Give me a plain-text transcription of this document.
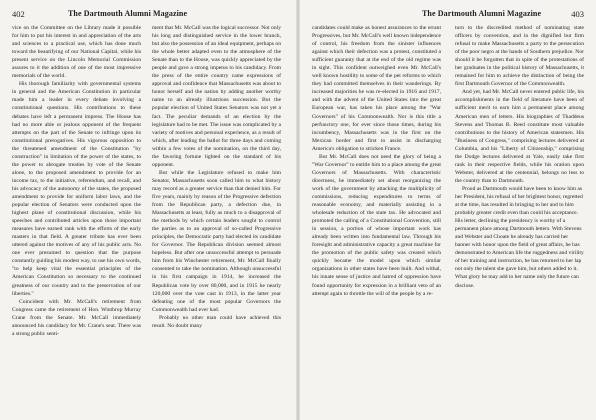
402	The Dartmouth Alumni Magazine

vice on the Committee on the Library made it possible for him to put his interest in and appreciation of the arts and sciences to a practical use, which has done much toward the beautifying of our National Capital, while his present service on the Lincoln Memorial Commission assures to it the addition of one of the most impressive memorials of the world.

His thorough familiarity with governmental systems in general and the American Constitution in particular made him a leader in every debate involving a constitutional questions. His contributions to these debates have left a permanent impress. The House has had no more able or jealous opponent of the frequent attempts on the part of the Senate to infringe upon its constitutional prerogatives. His vigorous opposition to the threatened amendment of the Constitution "by construction" in limitation of the power of the states, to the power to abrogate treaties by vote of the Senate alone, to the proposed amendment to provide for an income tax, to the initiative, referendum, and recall, and his advocacy of the autonomy of the states, the proposed amendment to provide for uniform labor laws, and the popular election of Senators were conducted upon the highest plane of constitutional discussion, while his speeches and contributed articles upon those important measures have earned rank with the efforts of the early masters in that field. A greater tribute has ever been uttered against the motives of any of his public acts. No one ever presumed to question that the purpose constantly guiding his modest way, to use his own words, "to help keep vital the essential principles of the American Constitution so necessary to the continued greatness of our country and to the preservation of our liberties."

Coincident with Mr. McCall's retirement from Congress came the retirement of Hon. Winthrop Murray Crane from the Senate. Mr. McCall immediately announced his candidacy for Mr. Crane's seat. There was a strong public senti-

ment that Mr. McCall was the logical successor. Not only his long and distinguished service in the lower branch, but also the possession of an ideal equipment, perhaps on the whole better adapted even to the atmosphere of the Senate than to the House, was quickly appreciated by the people and gave a strong impetus to his candidacy. From the press of the entire country came expressions of approval and confidence that Massachusetts was about to honor herself and the nation by adding another worthy name to an already illustrious succession. But the popular election of United States Senators was not yet a fact. The peculiar demands of an election by the legislature had to be met. The issue was complicated by a variety of motives and personal experience, as a result of which, after leading the ballot for three days and coming within a few votes of the nomination, on the third day, the favoring fortune lighted on the standard of his opponent.

But while the Legislature refused to make him Senator, Massachusetts soon called him to what history may record as a greater service than that denied him. For five years, mainly by reason of the Progressive defection from the Republican party, a defection due, in Massachusetts at least, fully as much to a disapproval of the methods by which certain leaders sought to control the parties as to an approval of so-called Progressive principles, the Democratic party had elected its candidate for Governor. The Republican division seemed almost hopeless. But after one unsuccessful attempt to persuade him from his Winchester retirement, Mr. McCall finally consented to take the nomination. Although unsuccessful in his first campaign in 1914, he increased the Republican vote by over 80,000, and in 1915 he nearly 120,000 over the vote cast in 1913, in the latter year defeating one of the most popular Governors the Commonwealth had ever had.

Probably no other man could have achieved this result. No doubt many

The Dartmouth Alumni Magazine	403

candidates could make as honest assurances to the errant Progressives, but Mr. McCall's well known independence of control, his freedom from the sinister influences against which their defection was a protest, constituted a sufficient guaranty that at the end of the old regime was in sight. This confident outweighed even Mr. McCall's well known hostility to some of the pet reforms to which they had committed themselves in their wanderings. By increased majorities he was re-elected in 1916 and 1917, and with the advent of the United States into the great European war, has taken his place among the "War Governors" of his Commonwealth. Nor is this title a perfunctory one, for ever since those times, during his incumbency, Massachusetts was in the first on the Mexican border and first to assist in discharging America's obligation to stricken France.

But Mr. McCall does not need the glory of being a "War Governor" to entitle him to a place among the great Governors of Massachusetts. With characteristic directness, he immediately set about reorganizing the work of the government by attacking the multiplicity of commissions, reducing expenditures to terms of reasonable economy, and materially assisting in a wholesale reduction of the state tax. He advocated and promoted the calling of a Constitutional Convention, still in session, a portion of whose important work has already been written into fundamental law. Through his foresight and administrative capacity a great machine for the promotion of the public safety was created which quickly became the model upon which similar organizations in other states have been built. And withal, his innate sense of justice and hatred of oppression have found opportunity for expression in a brilliant veto of an attempt again to throttle the will of the people by a re-

turn to the discredited method of nominating state officers by convention, and in the dignified but firm refusal to make Massachusetts a party to the persecution of the poor negro at the hands of Southern prejudice. Nor should it be forgotten that in spite of the protestations of her graduates in the political history of Massachusetts, it remained for him to achieve the distinction of being the first Dartmouth Governor of the Commonwealth.

And yet, had Mr. McCall never entered public life, his accomplishments in the field of literature have been of sufficient merit to earn him a permanent place among American men of letters. His biographies of Thaddeus Stevens and Thomas B. Reed constitute most valuable contributions to the history of American statesmen. His "Business of Congress," comprising lectures delivered at Columbia, and his "Liberty of Citizenship," comprising the Dodge lectures delivered at Yale, easily take first rank in their respective fields, while his oration upon Webster, delivered at the centennial, belongs no less to the country than to Dartmouth.

Proud as Dartmouth would have been to know him as her President, his refusal of her brightest honor, regretted at the time, has resulted in bringing to her and to him probably greater credit even than could his acceptance. His letter, declining the presidency is worthy of a permanent place among Dartmouth letters. With Stevens and Webster and Choate he already has carried her banner with honor upon the field of great affairs, he has demonstrated to American life the ruggedness and virility of her training and instruction, he has returned to her lap not only the talent she gave him, but others added to it. What glory he may add to her name only the future can disclose.
